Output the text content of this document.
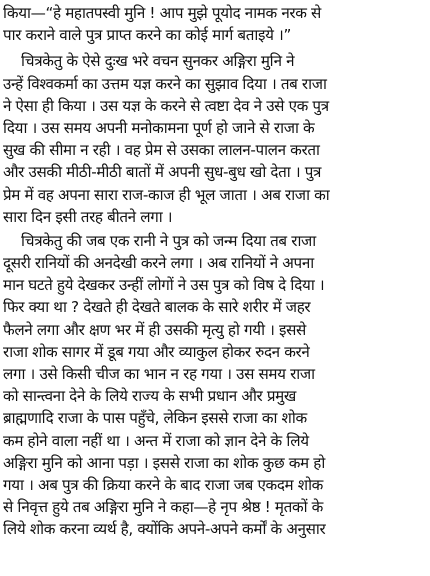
किया—“हे महातपस्वी मुनि ! आप मुझे पूयोद नामक नरक से
पार कराने वाले पुत्र प्राप्त करने का कोई मार्ग बताइये ।”

चित्रकेतु के ऐसे दुःख भरे वचन सुनकर अङ्गिरा मुनि ने
उन्हें विश्वकर्मा का उत्तम यज्ञ करने का सुझाव दिया । तब राजा
ने ऐसा ही किया । उस यज्ञ के करने से त्वष्टा देव ने उसे एक पुत्र
दिया । उस समय अपनी मनोकामना पूर्ण हो जाने से राजा के
सुख की सीमा न रही । वह प्रेम से उसका लालन-पालन करता
और उसकी मीठी-मीठी बातों में अपनी सुध-बुध खो देता । पुत्र
प्रेम में वह अपना सारा राज-काज ही भूल जाता । अब राजा का
सारा दिन इसी तरह बीतने लगा ।

चित्रकेतु की जब एक रानी ने पुत्र को जन्म दिया तब राजा
दूसरी रानियों की अनदेखी करने लगा । अब रानियों ने अपना
मान घटते हुये देखकर उन्हीं लोगों ने उस पुत्र को विष दे दिया ।
फिर क्या था ? देखते ही देखते बालक के सारे शरीर में जहर
फैलने लगा और क्षण भर में ही उसकी मृत्यु हो गयी । इससे
राजा शोक सागर में डूब गया और व्याकुल होकर रुदन करने
लगा । उसे किसी चीज का भान न रह गया । उस समय राजा
को सान्त्वना देने के लिये राज्य के सभी प्रधान और प्रमुख
ब्राह्मणादि राजा के पास पहुँचे, लेकिन इससे राजा का शोक
कम होने वाला नहीं था । अन्त में राजा को ज्ञान देने के लिये
अङ्गिरा मुनि को आना पड़ा । इससे राजा का शोक कुछ कम हो
गया । अब पुत्र की क्रिया करने के बाद राजा जब एकदम शोक
से निवृत्त हुये तब अङ्गिरा मुनि ने कहा—हे नृप श्रेष्ठ ! मृतकों के
लिये शोक करना व्यर्थ है, क्योंकि अपने-अपने कर्मों के अनुसार
